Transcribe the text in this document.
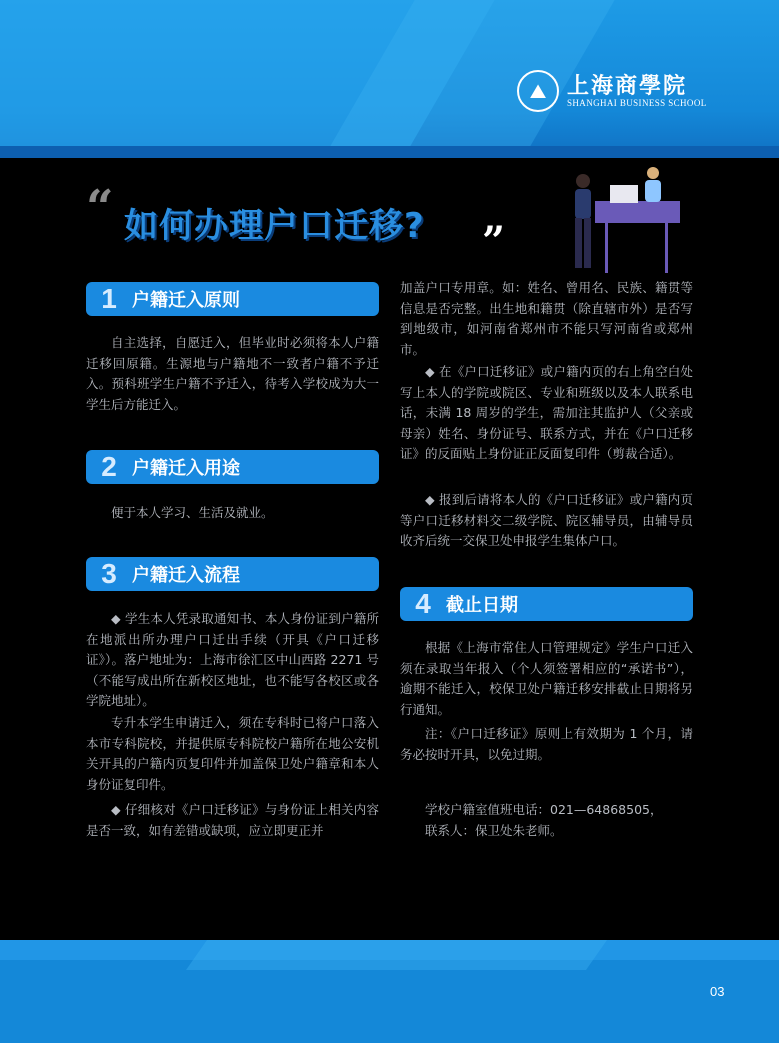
⛰ 上海商學院
SHANGHAI BUSINESS SCHOOL
“ 如何办理户口迁移? ”
1 户籍迁入原则
自主选择，自愿迁入，但毕业时必须将本人户籍迁移回原籍。生源地与户籍地不一致者户籍不予迁入。预科班学生户籍不予迁入，待考入学校成为大一学生后方能迁入。
2 户籍迁入用途
便于本人学习、生活及就业。
3 户籍迁入流程
◆ 学生本人凭录取通知书、本人身份证到户籍所在地派出所办理户口迁出手续（开具《户口迁移证》）。落户地址为：上海市徐汇区中山西路 2271 号（不能写成出所在新校区地址，也不能写各校区或各学院地址）。
专升本学生申请迁入，须在专科时已将户口落入本市专科院校，并提供原专科院校户籍所在地公安机关开具的户籍内页复印件并加盖保卫处户籍章和本人身份证复印件。
◆ 仔细核对《户口迁移证》与身份证上相关内容是否一致，如有差错或缺项，应立即更正并
加盖户口专用章。如：姓名、曾用名、民族、籍贯等信息是否完整。出生地和籍贯（除直辖市外）是否写到地级市，如河南省郑州市不能只写河南省或郑州市。
◆ 在《户口迁移证》或户籍内页的右上角空白处写上本人的学院或院区、专业和班级以及本人联系电话，未满 18 周岁的学生，需加注其监护人（父亲或母亲）姓名、身份证号、联系方式，并在《户口迁移证》的反面贴上身份证正反面复印件（剪裁合适）。
◆ 报到后请将本人的《户口迁移证》或户籍内页等户口迁移材料交二级学院、院区辅导员，由辅导员收齐后统一交保卫处申报学生集体户口。
4 截止日期
根据《上海市常住人口管理规定》学生户口迁入须在录取当年报入（个人须签署相应的“承诺书”），逾期不能迁入，校保卫处户籍迁移安排截止日期将另行通知。
注：《户口迁移证》原则上有效期为 1 个月，请务必按时开具，以免过期。
学校户籍室值班电话：021—64868505，
联系人：保卫处朱老师。
03
